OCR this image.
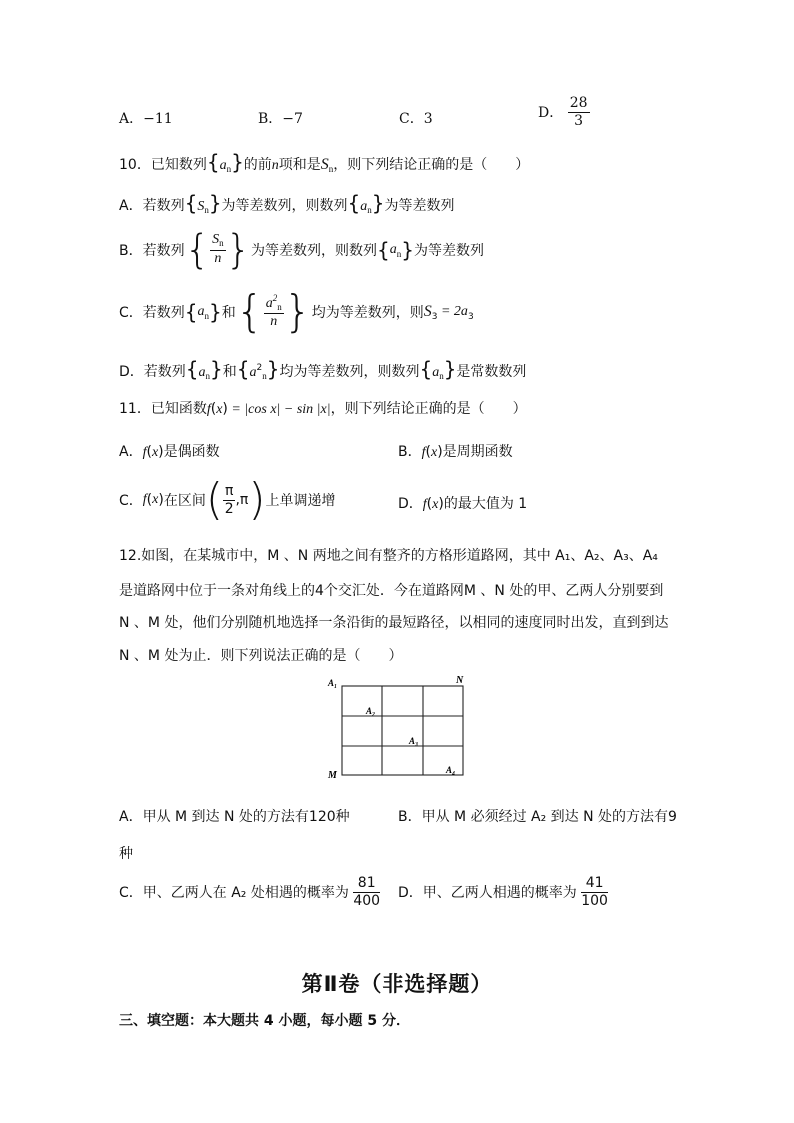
A．−11	B．−7	C．3	D． $\frac{28}{3}$
10．已知数列$\{a_n\}$的前n项和是$S_n$，则下列结论正确的是（　　）
A．若数列$\{S_n\}$为等差数列，则数列$\{a_n\}$为等差数列
B．若数列{ $\frac{S_n}{n}$ }为等差数列，则数列$\{a_n\}$为等差数列
C．若数列$\{a_n\}$和{ $\frac{a^2_n}{n}$ }均为等差数列，则$S_3 = 2a_3$
D．若数列$\{a_n\}$和$\{a^2_n\}$均为等差数列，则数列$\{a_n\}$是常数数列
11．已知函数f(x) = |cos x| − sin |x|，则下列结论正确的是（　　）
A．f(x)是偶函数	B．f(x)是周期函数
C．f(x)在区间( $\frac{\pi}{2} ,\pi$)上单调递增	D．f(x)的最大值为 1
12.如图，在某城市中，M 、N 两地之间有整齐的方格形道路网，其中 A₁、A₂、A₃、A₄
是道路网中位于一条对角线上的4个交汇处．今在道路网M 、N 处的甲、乙两人分别要到
N 、M 处，他们分别随机地选择一条沿街的最短路径，以相同的速度同时出发，直到到达
N 、M 处为止．则下列说法正确的是（　　）
A₁	N
A₂
A₃
M	A₄
A．甲从 M 到达 N 处的方法有120种	B．甲从 M 必须经过 A₂ 到达 N 处的方法有9
种
C．甲、乙两人在 A₂ 处相遇的概率为 $\frac{81}{400}$ D．甲、乙两人相遇的概率为 $\frac{41}{100}$
第Ⅱ卷（非选择题）
三、填空题：本大题共 4 小题，每小题 5 分．
